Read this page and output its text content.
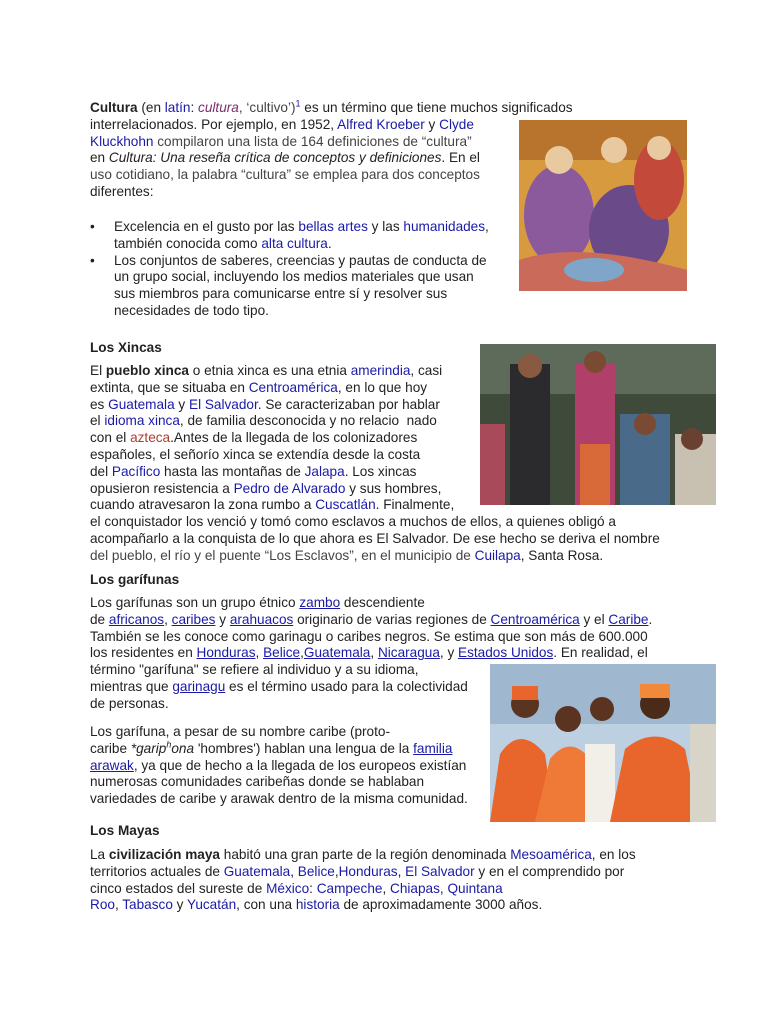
Cultura (en latín: cultura, ‘cultivo’)$^1$ es un término que tiene muchos significados
interrelacionados. Por ejemplo, en 1952, Alfred Kroeber y Clyde
Kluckhohn compilaron una lista de 164 definiciones de “cultura”
en Cultura: Una reseña crítica de conceptos y definiciones. En el
uso cotidiano, la palabra “cultura” se emplea para dos conceptos
diferentes:
• Excelencia en el gusto por las bellas artes y las humanidades,
también conocida como alta cultura.
• Los conjuntos de saberes, creencias y pautas de conducta de
un grupo social, incluyendo los medios materiales que usan
sus miembros para comunicarse entre sí y resolver sus
necesidades de todo tipo.
Los Xincas
El pueblo xinca o etnia xinca es una etnia amerindia, casi
extinta, que se situaba en Centroamérica, en lo que hoy
es Guatemala y El Salvador. Se caracterizaban por hablar
el idioma xinca, de familia desconocida y no relacio  nado
con el azteca.Antes de la llegada de los colonizadores
españoles, el señorío xinca se extendía desde la costa
del Pacífico hasta las montañas de Jalapa. Los xincas
opusieron resistencia a Pedro de Alvarado y sus hombres,
cuando atravesaron la zona rumbo a Cuscatlán. Finalmente,
el conquistador los venció y tomó como esclavos a muchos de ellos, a quienes obligó a
acompañarlo a la conquista de lo que ahora es El Salvador. De ese hecho se deriva el nombre
del pueblo, el río y el puente “Los Esclavos”, en el municipio de Cuilapa, Santa Rosa.
Los garífunas
Los garífunas son un grupo étnico zambo descendiente
de africanos, caribes y arahuacos originario de varias regiones de Centroamérica y el Caribe.
También se les conoce como garinagu o caribes negros. Se estima que son más de 600.000
los residentes en Honduras, Belice,Guatemala, Nicaragua, y Estados Unidos. En realidad, el
término "garífuna" se refiere al individuo y a su idioma,
mientras que garinagu es el término usado para la colectividad
de personas.
Los garífuna, a pesar de su nombre caribe (proto-
caribe *garip$^h$ona 'hombres') hablan una lengua de la familia
arawak, ya que de hecho a la llegada de los europeos existían
numerosas comunidades caribeñas donde se hablaban
variedades de caribe y arawak dentro de la misma comunidad.
Los Mayas
La civilización maya habitó una gran parte de la región denominada Mesoamérica, en los
territorios actuales de Guatemala, Belice,Honduras, El Salvador y en el comprendido por
cinco estados del sureste de México: Campeche, Chiapas, Quintana
Roo, Tabasco y Yucatán, con una historia de aproximadamente 3000 años.
